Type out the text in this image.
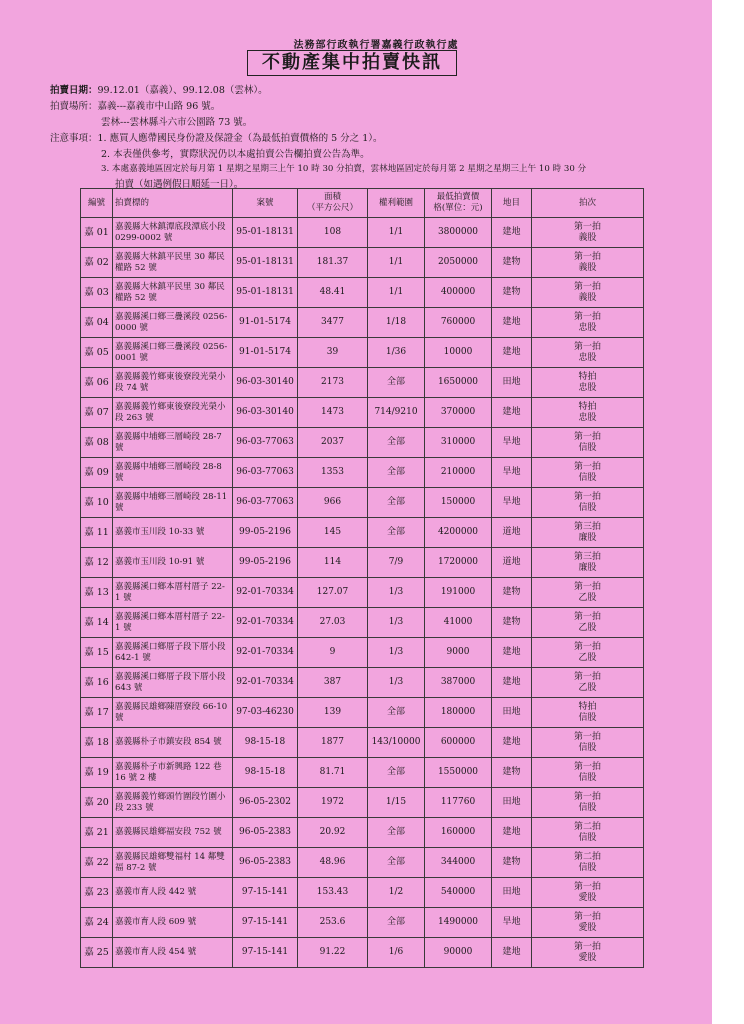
法務部行政執行署嘉義行政執行處
不動產集中拍賣快訊
拍賣日期：99.12.01（嘉義）、99.12.08（雲林）。
拍賣場所：嘉義---嘉義市中山路 96 號。
雲林---雲林縣斗六市公園路 73 號。
注意事項：1. 應買人應帶國民身份證及保證金（為最低拍賣價格的 5 分之 1）。
2. 本表僅供參考，實際狀況仍以本處拍賣公告欄拍賣公告為準。
3. 本處嘉義地區固定於每月第 1 星期之星期三上午 10 時 30 分拍賣，雲林地區固定於每月第 2 星期之星期三上午 10 時 30 分
拍賣（如遇例假日順延一日）。
編號	拍賣標的	案號	面積
（平方公尺）	權利範圍	最低拍賣價
格(單位：元)	地目	拍次
嘉 01	嘉義縣大林鎮潭底段潭底小段 0299-0002 號	95-01-18131	108	1/1	3800000	建地	第一拍
義股

嘉 02	嘉義縣大林鎮平民里 30 鄰民權路 52 號	95-01-18131	181.37	1/1	2050000	建物	第一拍
義股

嘉 03	嘉義縣大林鎮平民里 30 鄰民權路 52 號	95-01-18131	48.41	1/1	400000	建物	第一拍
義股

嘉 04	嘉義縣溪口鄉三疊溪段 0256-0000 號	91-01-5174	3477	1/18	760000	建地	第一拍
忠股

嘉 05	嘉義縣溪口鄉三疊溪段 0256-0001 號	91-01-5174	39	1/36	10000	建地	第一拍
忠股

嘉 06	嘉義縣義竹鄉東後寮段光榮小段 74 號	96-03-30140	2173	全部	1650000	田地	特拍
忠股

嘉 07	嘉義縣義竹鄉東後寮段光榮小段 263 號	96-03-30140	1473	714/9210	370000	建地	特拍
忠股

嘉 08	嘉義縣中埔鄉三層崎段 28-7 號	96-03-77063	2037	全部	310000	旱地	第一拍
信股

嘉 09	嘉義縣中埔鄉三層崎段 28-8 號	96-03-77063	1353	全部	210000	旱地	第一拍
信股

嘉 10	嘉義縣中埔鄉三層崎段 28-11 號	96-03-77063	966	全部	150000	旱地	第一拍
信股

嘉 11	嘉義市玉川段 10-33 號	99-05-2196	145	全部	4200000	道地	第三拍
廉股

嘉 12	嘉義市玉川段 10-91 號	99-05-2196	114	7/9	1720000	道地	第三拍
廉股

嘉 13	嘉義縣溪口鄉本厝村厝子 22-1 號	92-01-70334	127.07	1/3	191000	建物	第一拍
乙股

嘉 14	嘉義縣溪口鄉本厝村厝子 22-1 號	92-01-70334	27.03	1/3	41000	建物	第一拍
乙股

嘉 15	嘉義縣溪口鄉厝子段下厝小段 642-1 號	92-01-70334	9	1/3	9000	建地	第一拍
乙股

嘉 16	嘉義縣溪口鄉厝子段下厝小段 643 號	92-01-70334	387	1/3	387000	建地	第一拍
乙股

嘉 17	嘉義縣民雄鄉陳厝寮段 66-10 號	97-03-46230	139	全部	180000	田地	特拍
信股

嘉 18	嘉義縣朴子市鎮安段 854 號	98-15-18	1877	143/10000	600000	建地	第一拍
信股

嘉 19	嘉義縣朴子市新興路 122 巷 16 號 2 樓	98-15-18	81.71	全部	1550000	建物	第一拍
信股

嘉 20	嘉義縣義竹鄉頭竹圍段竹圍小段 233 號	96-05-2302	1972	1/15	117760	田地	第一拍
信股

嘉 21	嘉義縣民雄鄉福安段 752 號	96-05-2383	20.92	全部	160000	建地	第二拍
信股

嘉 22	嘉義縣民雄鄉雙福村 14 鄰雙福 87-2 號	96-05-2383	48.96	全部	344000	建物	第二拍
信股

嘉 23	嘉義市育人段 442 號	97-15-141	153.43	1/2	540000	田地	第一拍
愛股

嘉 24	嘉義市育人段 609 號	97-15-141	253.6	全部	1490000	旱地	第一拍
愛股

嘉 25	嘉義市育人段 454 號	97-15-141	91.22	1/6	90000	建地	第一拍
愛股
